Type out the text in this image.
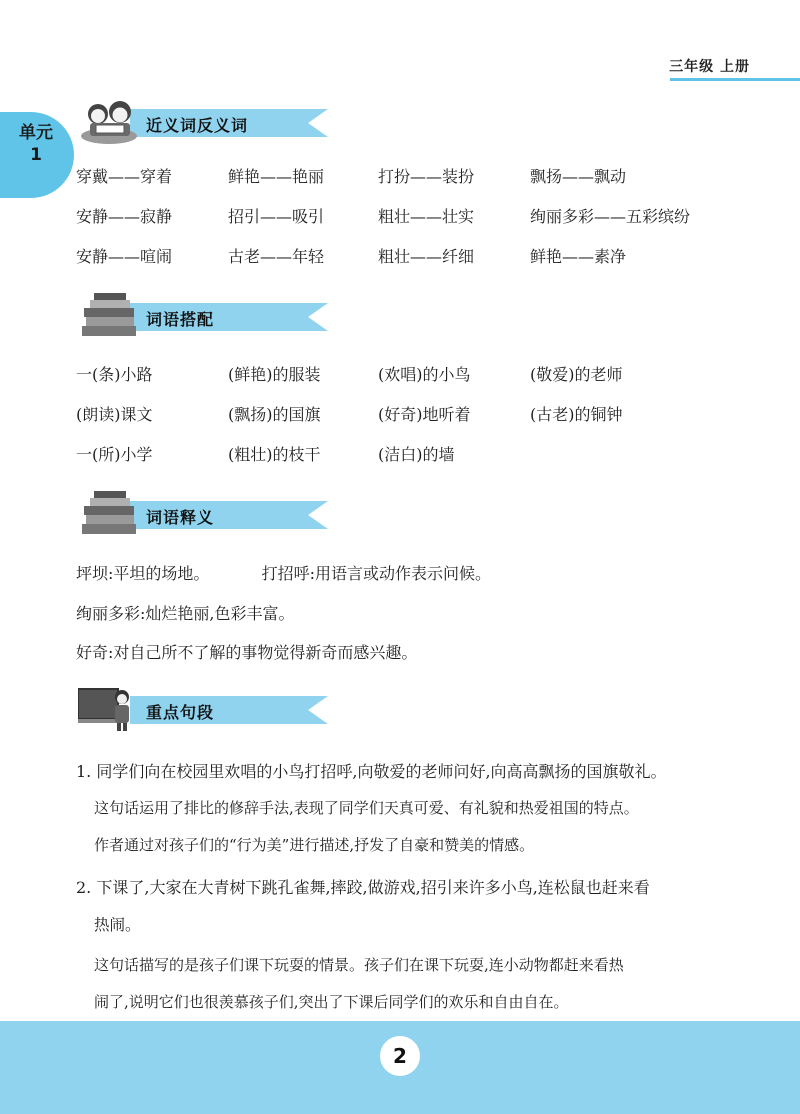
三年级 上册
单元
1
近义词反义词
穿戴——穿着	鲜艳——艳丽	打扮——装扮	飘扬——飘动
安静——寂静	招引——吸引	粗壮——壮实	绚丽多彩——五彩缤纷
安静——喧闹	古老——年轻	粗壮——纤细	鲜艳——素净
词语搭配
一(条)小路	(鲜艳)的服装	(欢唱)的小鸟	(敬爱)的老师
(朗读)课文	(飘扬)的国旗	(好奇)地听着	(古老)的铜钟
一(所)小学	(粗壮)的枝干	(洁白)的墙
词语释义
坪坝:平坦的场地。	打招呼:用语言或动作表示问候。
绚丽多彩:灿烂艳丽,色彩丰富。
好奇:对自己所不了解的事物觉得新奇而感兴趣。
重点句段
1. 同学们向在校园里欢唱的小鸟打招呼,向敬爱的老师问好,向高高飘扬的国旗敬礼。
这句话运用了排比的修辞手法,表现了同学们天真可爱、有礼貌和热爱祖国的特点。
作者通过对孩子们的“行为美”进行描述,抒发了自豪和赞美的情感。
2. 下课了,大家在大青树下跳孔雀舞,摔跤,做游戏,招引来许多小鸟,连松鼠也赶来看
热闹。
这句话描写的是孩子们课下玩耍的情景。孩子们在课下玩耍,连小动物都赶来看热
闹了,说明它们也很羡慕孩子们,突出了下课后同学们的欢乐和自由自在。
2
